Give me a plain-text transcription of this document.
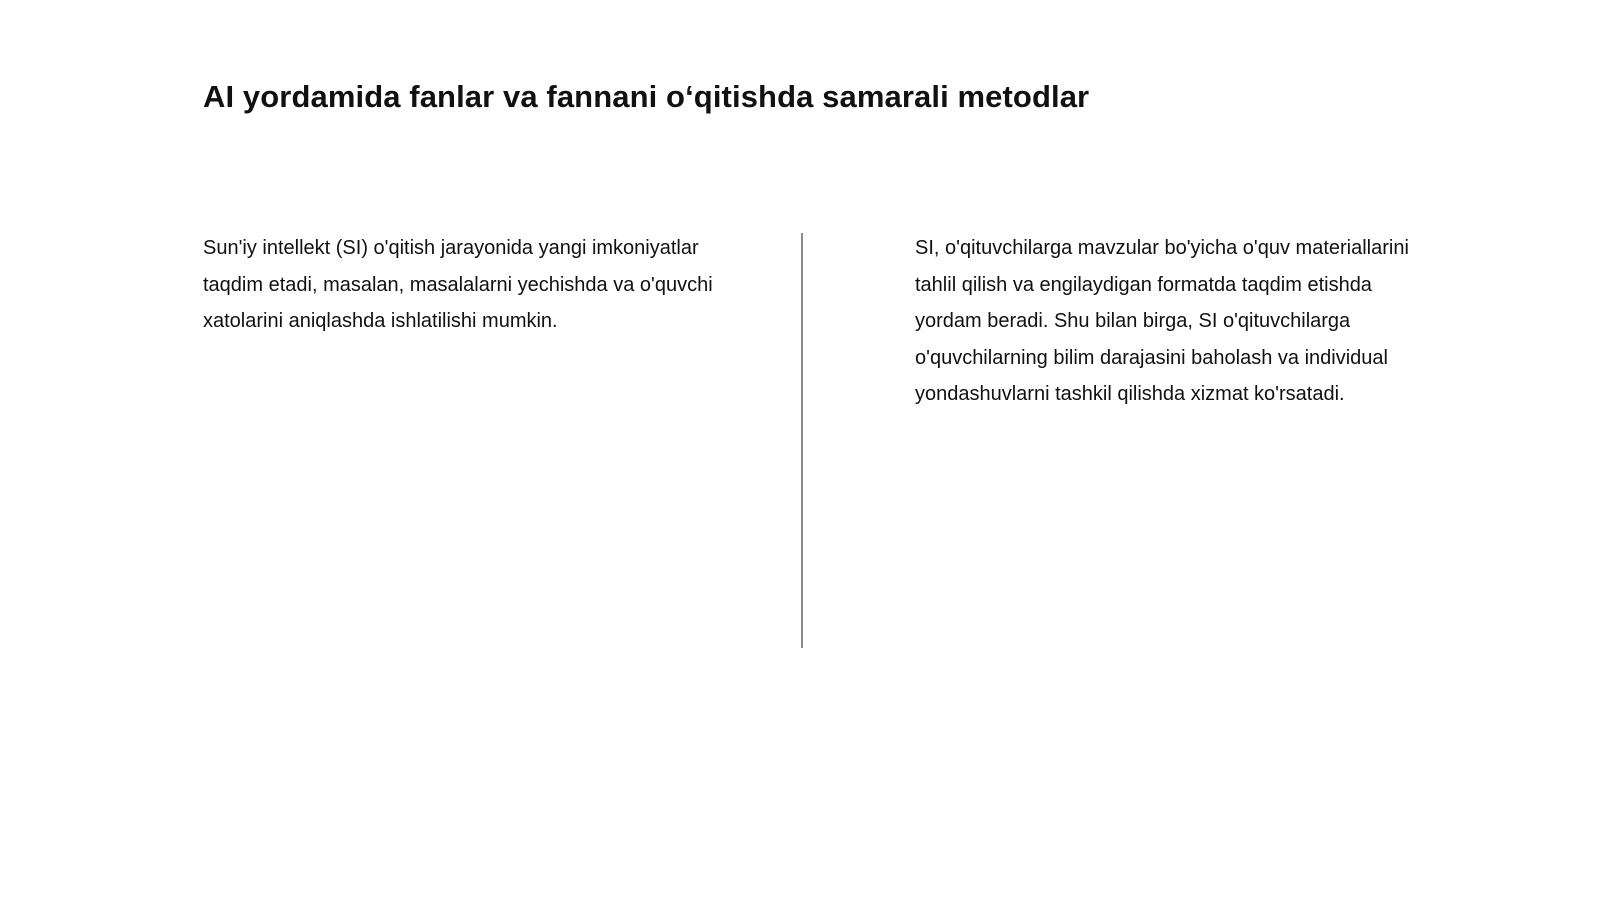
AI yordamida fanlar va fannani o‘qitishda samarali metodlar

Sun'iy intellekt (SI) o'qitish jarayonida yangi imkoniyatlar taqdim etadi, masalan, masalalarni yechishda va o'quvchi xatolarini aniqlashda ishlatilishi mumkin.

SI, o'qituvchilarga mavzular bo'yicha o'quv materiallarini tahlil qilish va engilaydigan formatda taqdim etishda yordam beradi. Shu bilan birga, SI o'qituvchilarga o'quvchilarning bilim darajasini baholash va individual yondashuvlarni tashkil qilishda xizmat ko'rsatadi.
